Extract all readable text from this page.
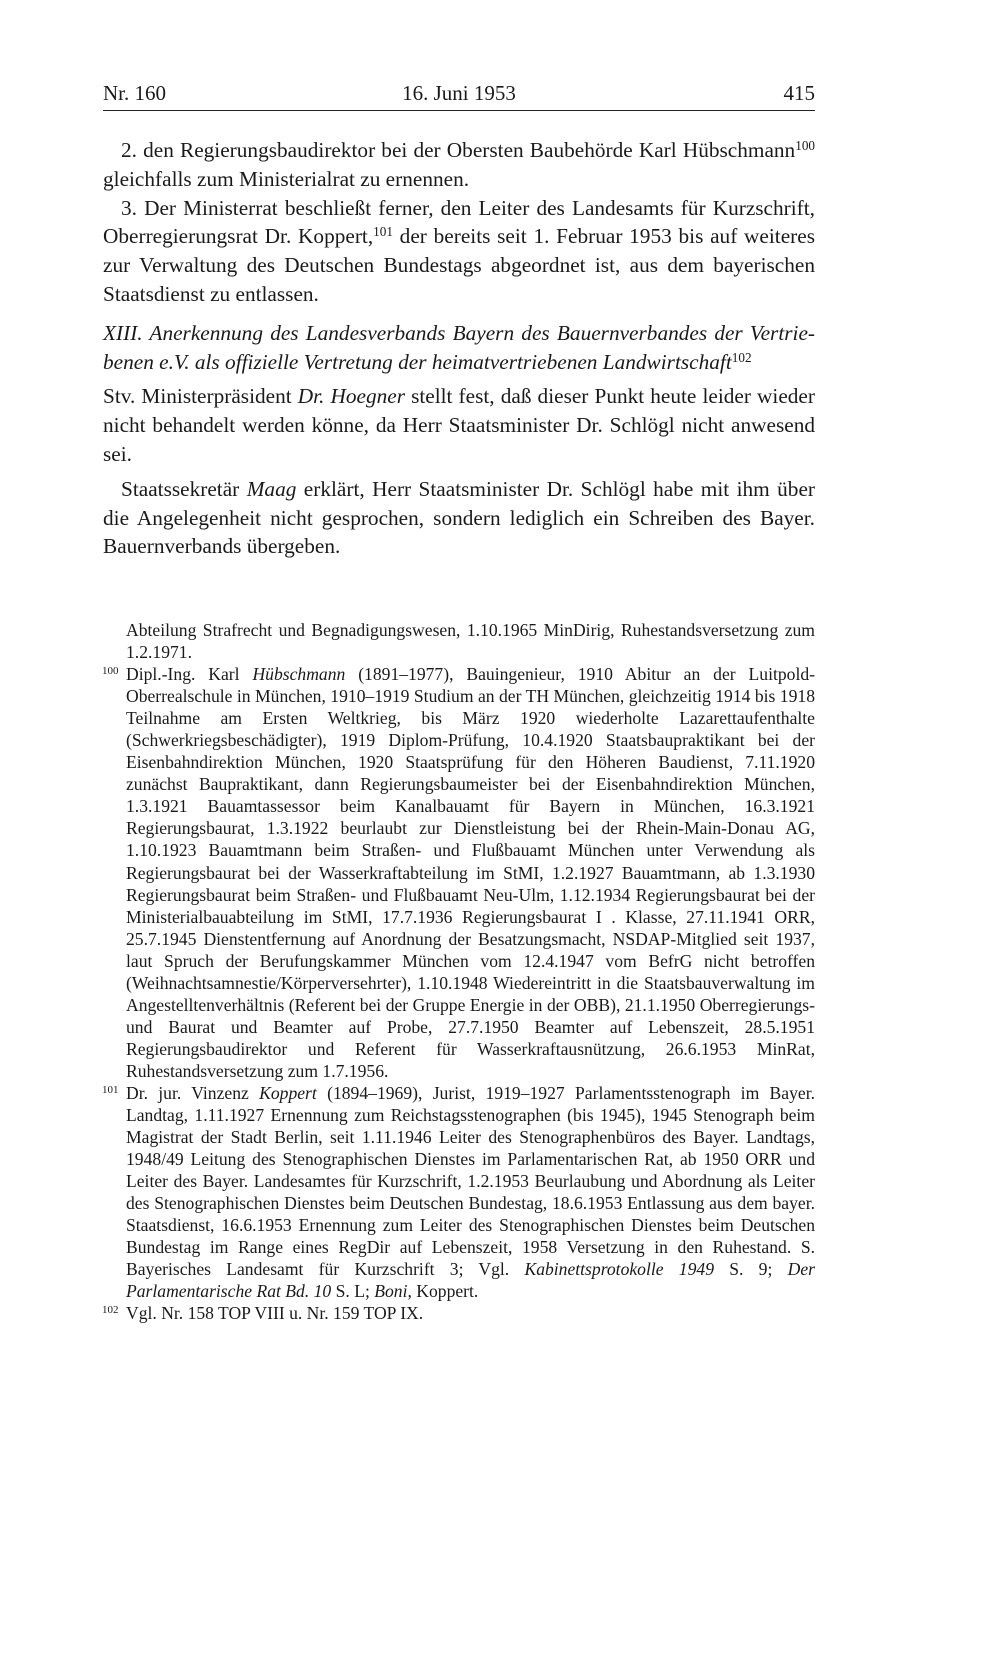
Nr. 160	16. Juni 1953	415

2. den Regierungsbaudirektor bei der Obersten Baubehörde Karl Hübschmann$^{100}$ gleichfalls zum Ministerialrat zu ernennen.

3. Der Ministerrat beschließt ferner, den Leiter des Landesamts für Kurzschrift, Oberregierungsrat Dr. Koppert,$^{101}$ der bereits seit 1. Februar 1953 bis auf weiteres zur Verwaltung des Deutschen Bundestags abgeordnet ist, aus dem bayerischen Staatsdienst zu entlassen.

XIII. Anerkennung des Landesverbands Bayern des Bauernverbandes der Vertriebenen e.V. als offizielle Vertretung der heimatvertriebenen Landwirtschaft$^{102}$

Stv. Ministerpräsident Dr. Hoegner stellt fest, daß dieser Punkt heute leider wieder nicht behandelt werden könne, da Herr Staatsminister Dr. Schlögl nicht anwesend sei.

Staatssekretär Maag erklärt, Herr Staatsminister Dr. Schlögl habe mit ihm über die Angelegenheit nicht gesprochen, sondern lediglich ein Schreiben des Bayer. Bauernverbands übergeben.

Abteilung Strafrecht und Begnadigungswesen, 1.10.1965 MinDirig, Ruhestandsversetzung zum 1.2.1971.

100 Dipl.-Ing. Karl Hübschmann (1891–1977), Bauingenieur, 1910 Abitur an der Luitpold-Oberrealschule in München, 1910–1919 Studium an der TH München, gleichzeitig 1914 bis 1918 Teilnahme am Ersten Weltkrieg, bis März 1920 wiederholte Lazarettaufenthalte (Schwerkriegsbeschädigter), 1919 Diplom-Prüfung, 10.4.1920 Staatsbaupraktikant bei der Eisenbahndirektion München, 1920 Staatsprüfung für den Höheren Baudienst, 7.11.1920 zunächst Baupraktikant, dann Regierungsbaumeister bei der Eisenbahndirektion München, 1.3.1921 Bauamtassessor beim Kanalbauamt für Bayern in München, 16.3.1921 Regierungsbaurat, 1.3.1922 beurlaubt zur Dienstleistung bei der Rhein-Main-Donau AG, 1.10.1923 Bauamtmann beim Straßen- und Flußbauamt München unter Verwendung als Regierungsbaurat bei der Wasserkraftabteilung im StMI, 1.2.1927 Bauamtmann, ab 1.3.1930 Regierungsbaurat beim Straßen- und Flußbauamt Neu-Ulm, 1.12.1934 Regierungsbaurat bei der Ministerialbauabteilung im StMI, 17.7.1936 Regierungsbaurat I . Klasse, 27.11.1941 ORR, 25.7.1945 Dienstentfernung auf Anordnung der Besatzungsmacht, NSDAP-Mitglied seit 1937, laut Spruch der Berufungskammer München vom 12.4.1947 vom BefrG nicht betroffen (Weihnachtsamnestie/Körperversehrter), 1.10.1948 Wiedereintritt in die Staatsbauverwaltung im Angestelltenverhältnis (Referent bei der Gruppe Energie in der OBB), 21.1.1950 Oberregierungs- und Baurat und Beamter auf Probe, 27.7.1950 Beamter auf Lebenszeit, 28.5.1951 Regierungsbaudirektor und Referent für Wasserkraftausnützung, 26.6.1953 MinRat, Ruhestandsversetzung zum 1.7.1956.

101 Dr. jur. Vinzenz Koppert (1894–1969), Jurist, 1919–1927 Parlamentsstenograph im Bayer. Landtag, 1.11.1927 Ernennung zum Reichstagsstenographen (bis 1945), 1945 Stenograph beim Magistrat der Stadt Berlin, seit 1.11.1946 Leiter des Stenographenbüros des Bayer. Landtags, 1948/49 Leitung des Stenographischen Dienstes im Parlamentarischen Rat, ab 1950 ORR und Leiter des Bayer. Landesamtes für Kurzschrift, 1.2.1953 Beurlaubung und Abordnung als Leiter des Stenographischen Dienstes beim Deutschen Bundestag, 18.6.1953 Entlassung aus dem bayer. Staatsdienst, 16.6.1953 Ernennung zum Leiter des Stenographischen Dienstes beim Deutschen Bundestag im Range eines RegDir auf Lebenszeit, 1958 Versetzung in den Ruhestand. S. Bayerisches Landesamt für Kurzschrift 3; Vgl. Kabinettsprotokolle 1949 S. 9; Der Parlamentarische Rat Bd. 10 S. L; Boni, Koppert.

102 Vgl. Nr. 158 TOP VIII u. Nr. 159 TOP IX.
